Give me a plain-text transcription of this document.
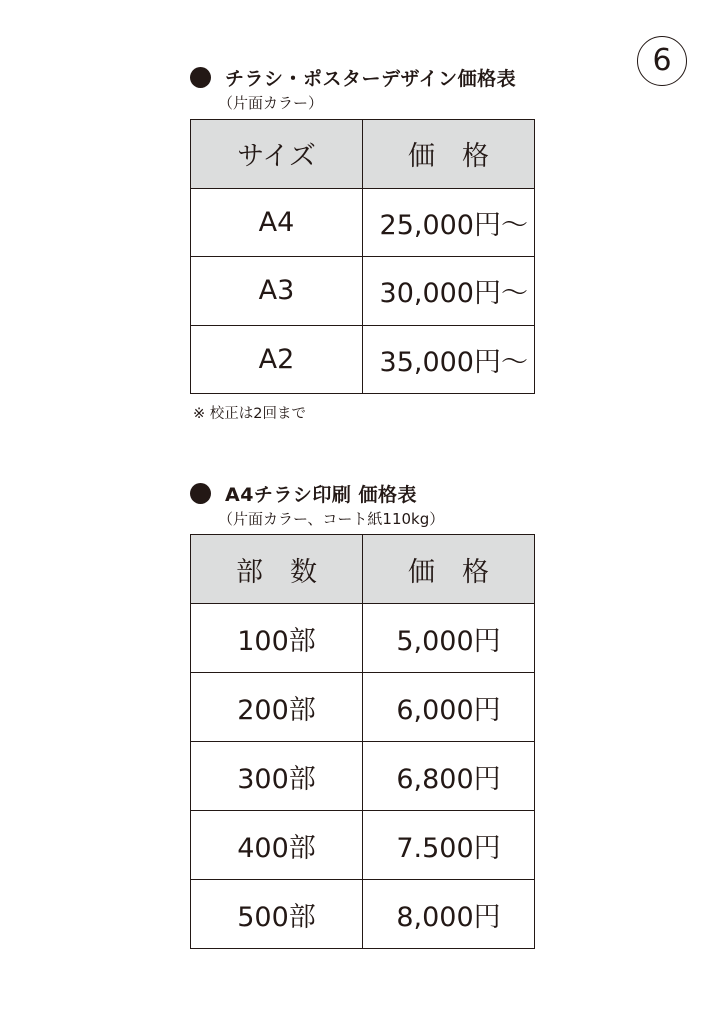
6
チラシ・ポスターデザイン価格表
（片面カラー）
サイズ	価　格
A4	25,000円〜
A3	30,000円〜
A2	35,000円〜
※ 校正は2回まで
A4チラシ印刷 価格表
（片面カラー、コート紙110kg）
部　数	価　格
100部	5,000円
200部	6,000円
300部	6,800円
400部	7.500円
500部	8,000円
